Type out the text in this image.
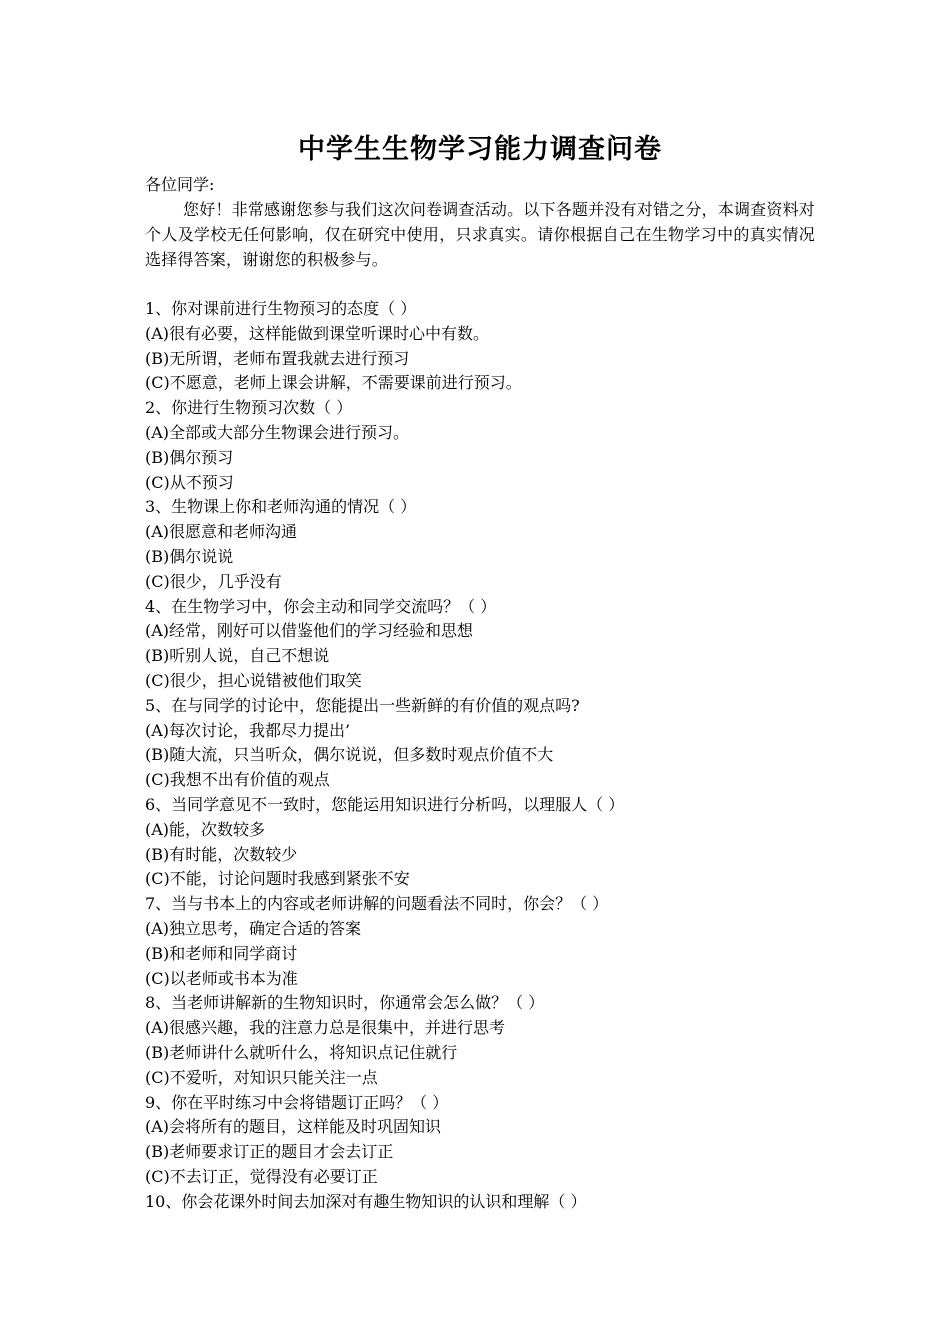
中学生生物学习能力调查问卷

各位同学:

您好！非常感谢您参与我们这次问卷调查活动。以下各题并没有对错之分，本调查资料对个人及学校无任何影响，仅在研究中使用，只求真实。请你根据自己在生物学习中的真实情况选择得答案，谢谢您的积极参与。

1、你对课前进行生物预习的态度（ ）

(A)很有必要，这样能做到课堂听课时心中有数。

(B)无所谓，老师布置我就去进行预习

(C)不愿意，老师上课会讲解，不需要课前进行预习。

2、你进行生物预习次数（ ）

(A)全部或大部分生物课会进行预习。

(B)偶尔预习

(C)从不预习

3、生物课上你和老师沟通的情况（ ）

(A)很愿意和老师沟通

(B)偶尔说说

(C)很少，几乎没有

4、在生物学习中，你会主动和同学交流吗？（ ）

(A)经常，刚好可以借鉴他们的学习经验和思想

(B)听别人说，自己不想说

(C)很少，担心说错被他们取笑

5、在与同学的讨论中，您能提出一些新鲜的有价值的观点吗?

(A)每次讨论，我都尽力提出’

(B)随大流，只当听众，偶尔说说，但多数时观点价值不大

(C)我想不出有价值的观点

6、当同学意见不一致时，您能运用知识进行分析吗，以理服人（ ）

(A)能，次数较多

(B)有时能，次数较少

(C)不能，讨论问题时我感到紧张不安

7、当与书本上的内容或老师讲解的问题看法不同时，你会？（ ）

(A)独立思考，确定合适的答案

(B)和老师和同学商讨

(C)以老师或书本为准

8、当老师讲解新的生物知识时，你通常会怎么做？（ ）

(A)很感兴趣，我的注意力总是很集中，并进行思考

(B)老师讲什么就听什么，将知识点记住就行

(C)不爱听，对知识只能关注一点

9、你在平时练习中会将错题订正吗？（ ）

(A)会将所有的题目，这样能及时巩固知识

(B)老师要求订正的题目才会去订正

(C)不去订正，觉得没有必要订正

10、你会花课外时间去加深对有趣生物知识的认识和理解（ ）
